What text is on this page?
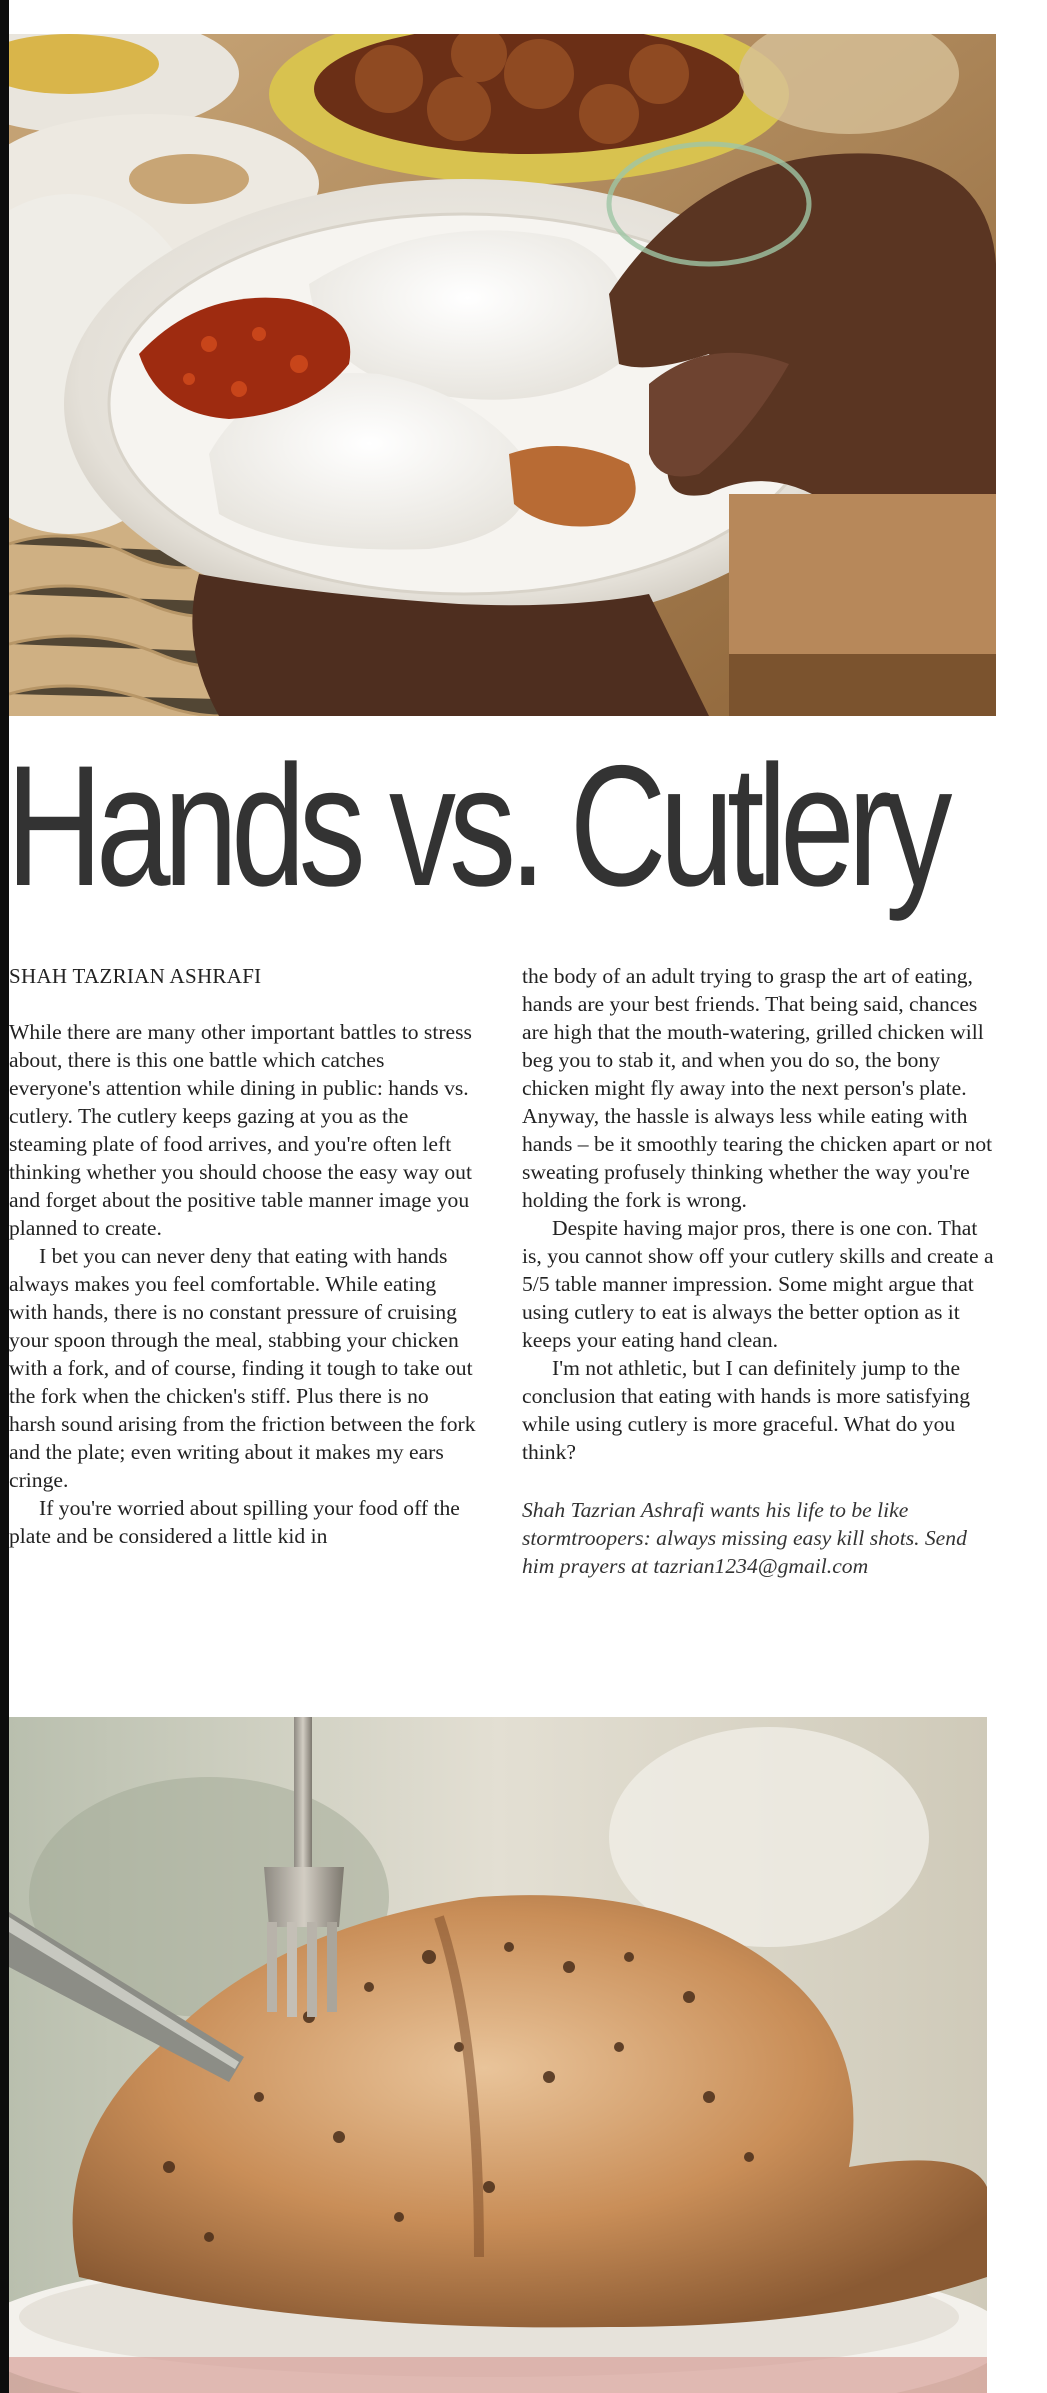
Hands vs. Cutlery
SHAH TAZRIAN ASHRAFI

While there are many other important battles to stress about, there is this one battle which catches everyone's attention while dining in public: hands vs. cutlery. The cutlery keeps gazing at you as the steaming plate of food arrives, and you're often left thinking whether you should choose the easy way out and forget about the positive table manner image you planned to create.

I bet you can never deny that eating with hands always makes you feel comfortable. While eating with hands, there is no constant pressure of cruising your spoon through the meal, stabbing your chicken with a fork, and of course, finding it tough to take out the fork when the chicken's stiff. Plus there is no harsh sound arising from the friction between the fork and the plate; even writing about it makes my ears cringe.

If you're worried about spilling your food off the plate and be considered a little kid in

the body of an adult trying to grasp the art of eating, hands are your best friends. That being said, chances are high that the mouth-watering, grilled chicken will beg you to stab it, and when you do so, the bony chicken might fly away into the next person's plate. Anyway, the hassle is always less while eating with hands – be it smoothly tearing the chicken apart or not sweating profusely thinking whether the way you're holding the fork is wrong.

Despite having major pros, there is one con. That is, you cannot show off your cutlery skills and create a 5/5 table manner impression. Some might argue that using cutlery to eat is always the better option as it keeps your eating hand clean.

I'm not athletic, but I can definitely jump to the conclusion that eating with hands is more satisfying while using cutlery is more graceful. What do you think?

Shah Tazrian Ashrafi wants his life to be like stormtroopers: always missing easy kill shots. Send him prayers at tazrian1234@gmail.com
